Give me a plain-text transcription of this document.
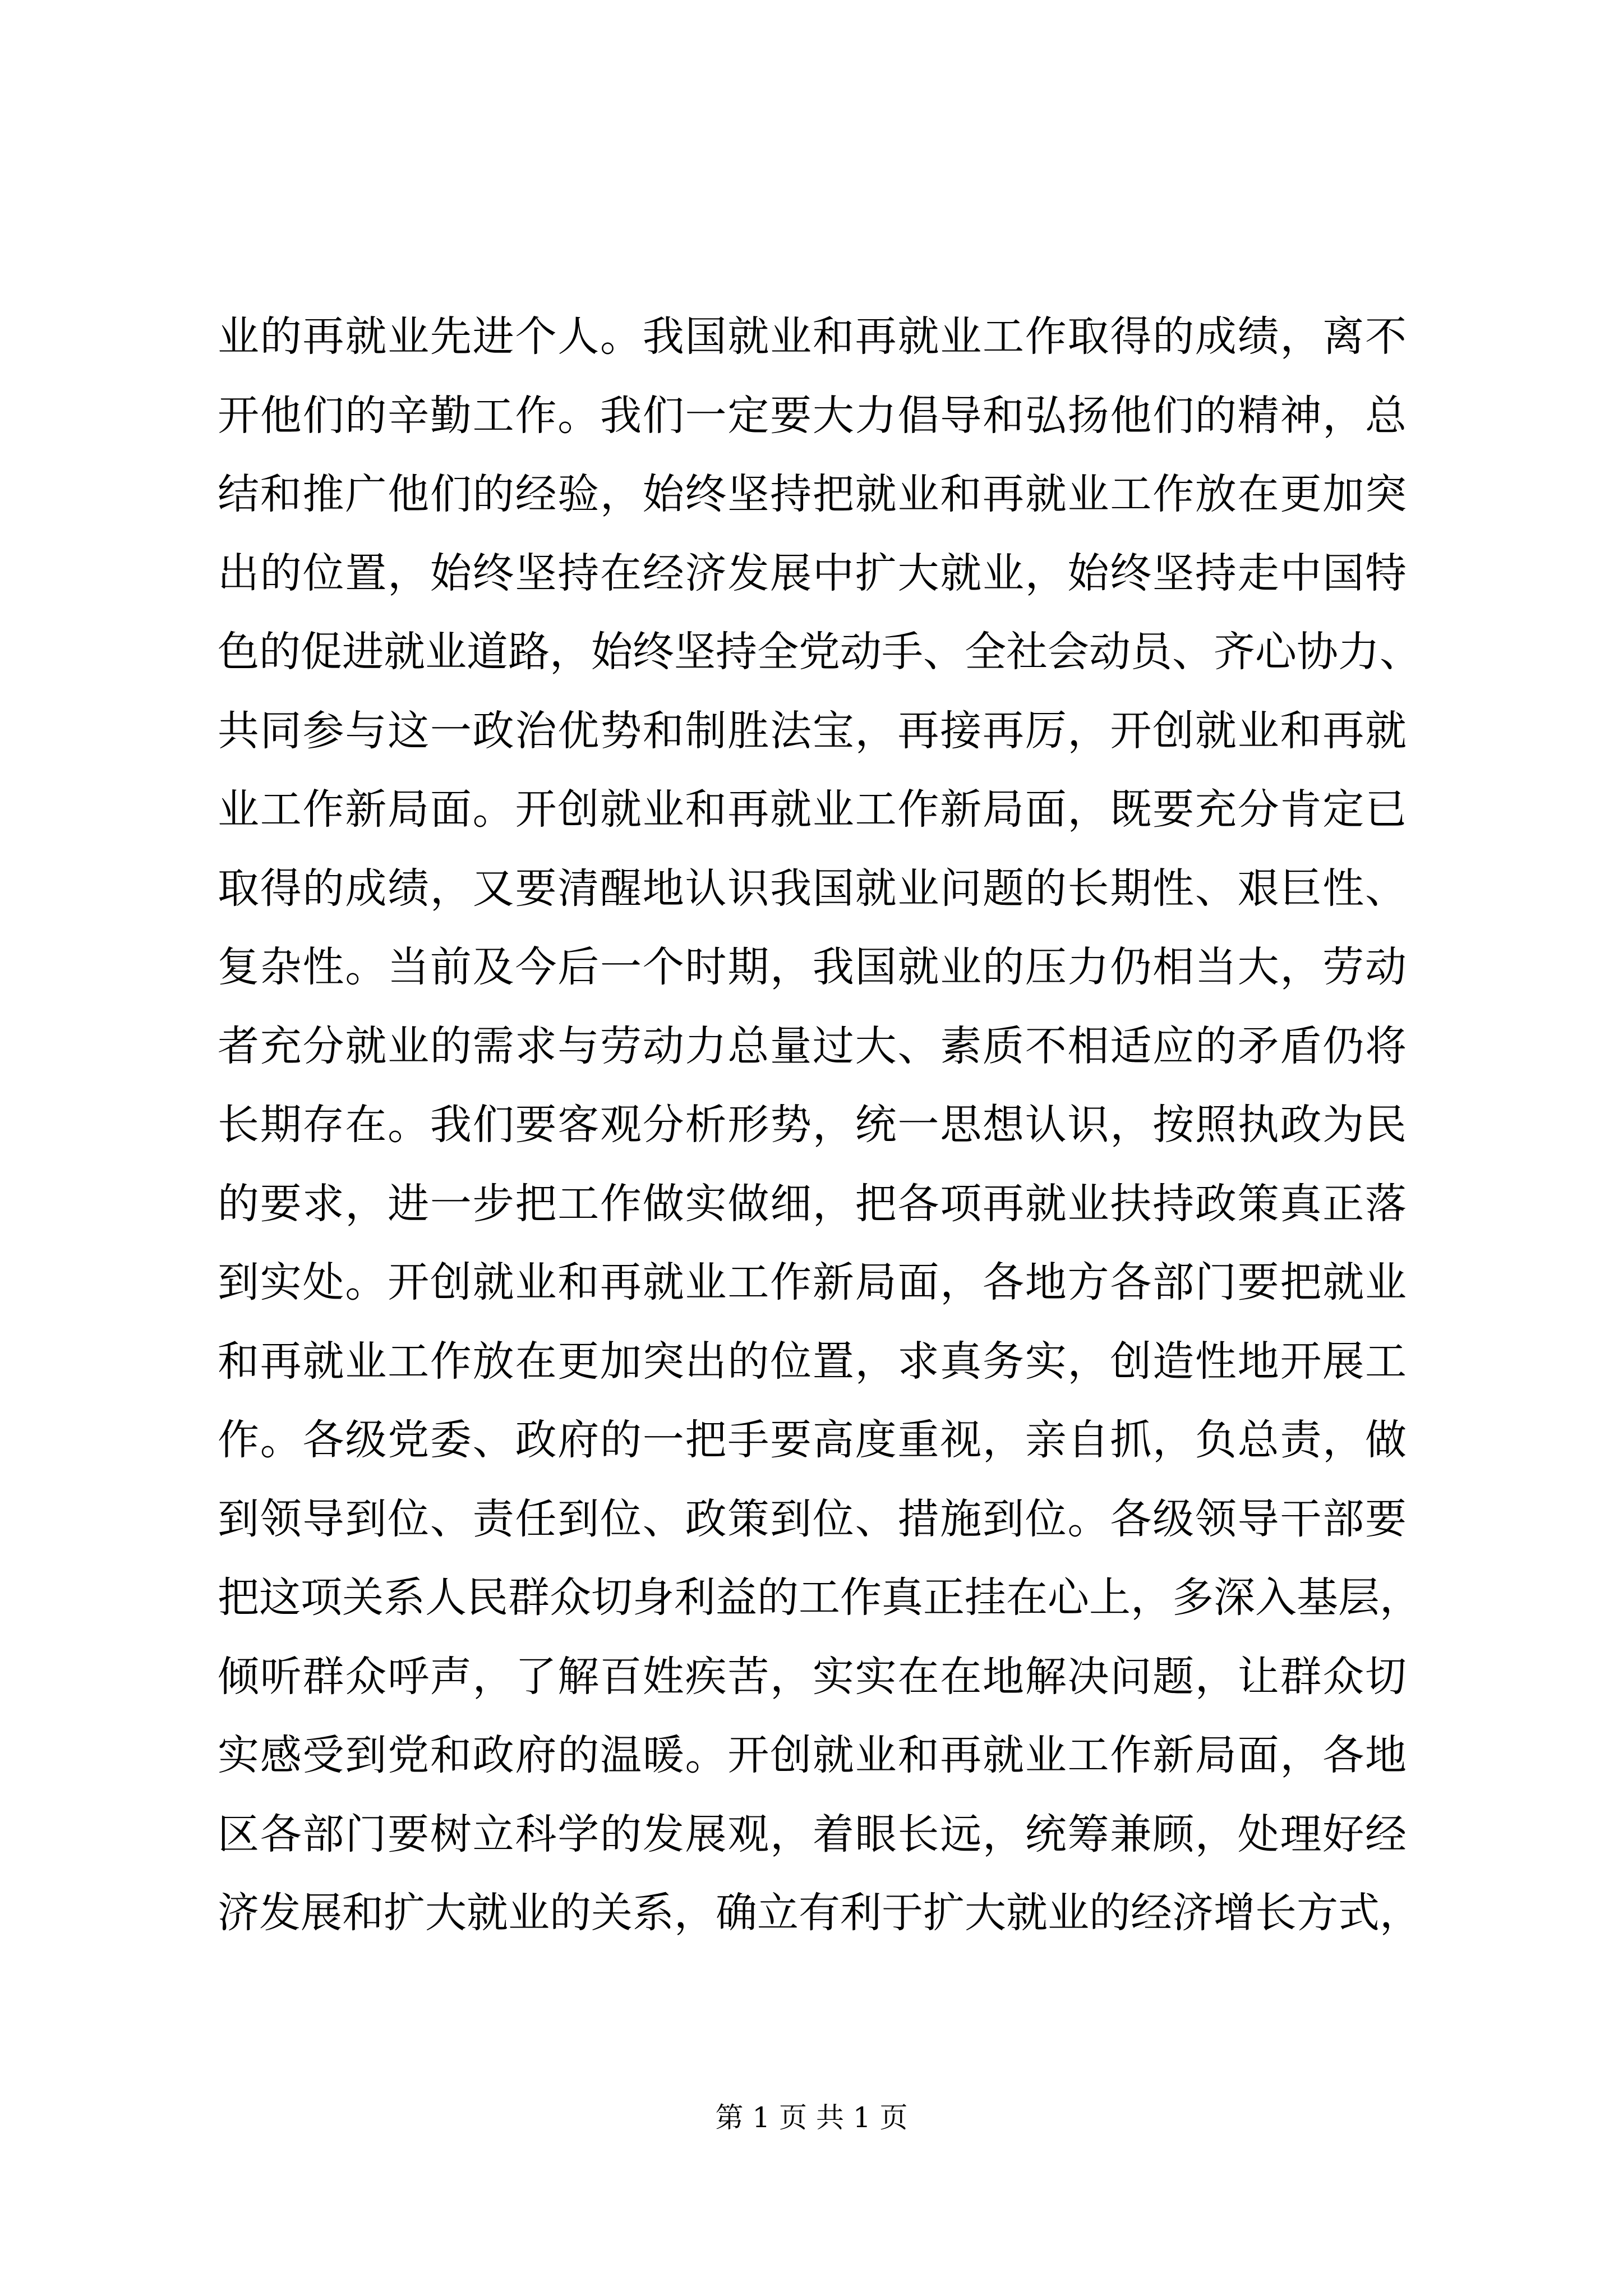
业的再就业先进个人。我国就业和再就业工作取得的成绩，离不
开他们的辛勤工作。我们一定要大力倡导和弘扬他们的精神，总
结和推广他们的经验，始终坚持把就业和再就业工作放在更加突
出的位置，始终坚持在经济发展中扩大就业，始终坚持走中国特
色的促进就业道路，始终坚持全党动手、全社会动员、齐心协力、
共同参与这一政治优势和制胜法宝，再接再厉，开创就业和再就
业工作新局面。开创就业和再就业工作新局面，既要充分肯定已
取得的成绩，又要清醒地认识我国就业问题的长期性、艰巨性、
复杂性。当前及今后一个时期，我国就业的压力仍相当大，劳动
者充分就业的需求与劳动力总量过大、素质不相适应的矛盾仍将
长期存在。我们要客观分析形势，统一思想认识，按照执政为民
的要求，进一步把工作做实做细，把各项再就业扶持政策真正落
到实处。开创就业和再就业工作新局面，各地方各部门要把就业
和再就业工作放在更加突出的位置，求真务实，创造性地开展工
作。各级党委、政府的一把手要高度重视，亲自抓，负总责，做
到领导到位、责任到位、政策到位、措施到位。各级领导干部要
把这项关系人民群众切身利益的工作真正挂在心上，多深入基层，
倾听群众呼声，了解百姓疾苦，实实在在地解决问题，让群众切
实感受到党和政府的温暖。开创就业和再就业工作新局面，各地
区各部门要树立科学的发展观，着眼长远，统筹兼顾，处理好经
济发展和扩大就业的关系，确立有利于扩大就业的经济增长方式，
第 1 页 共 1 页
